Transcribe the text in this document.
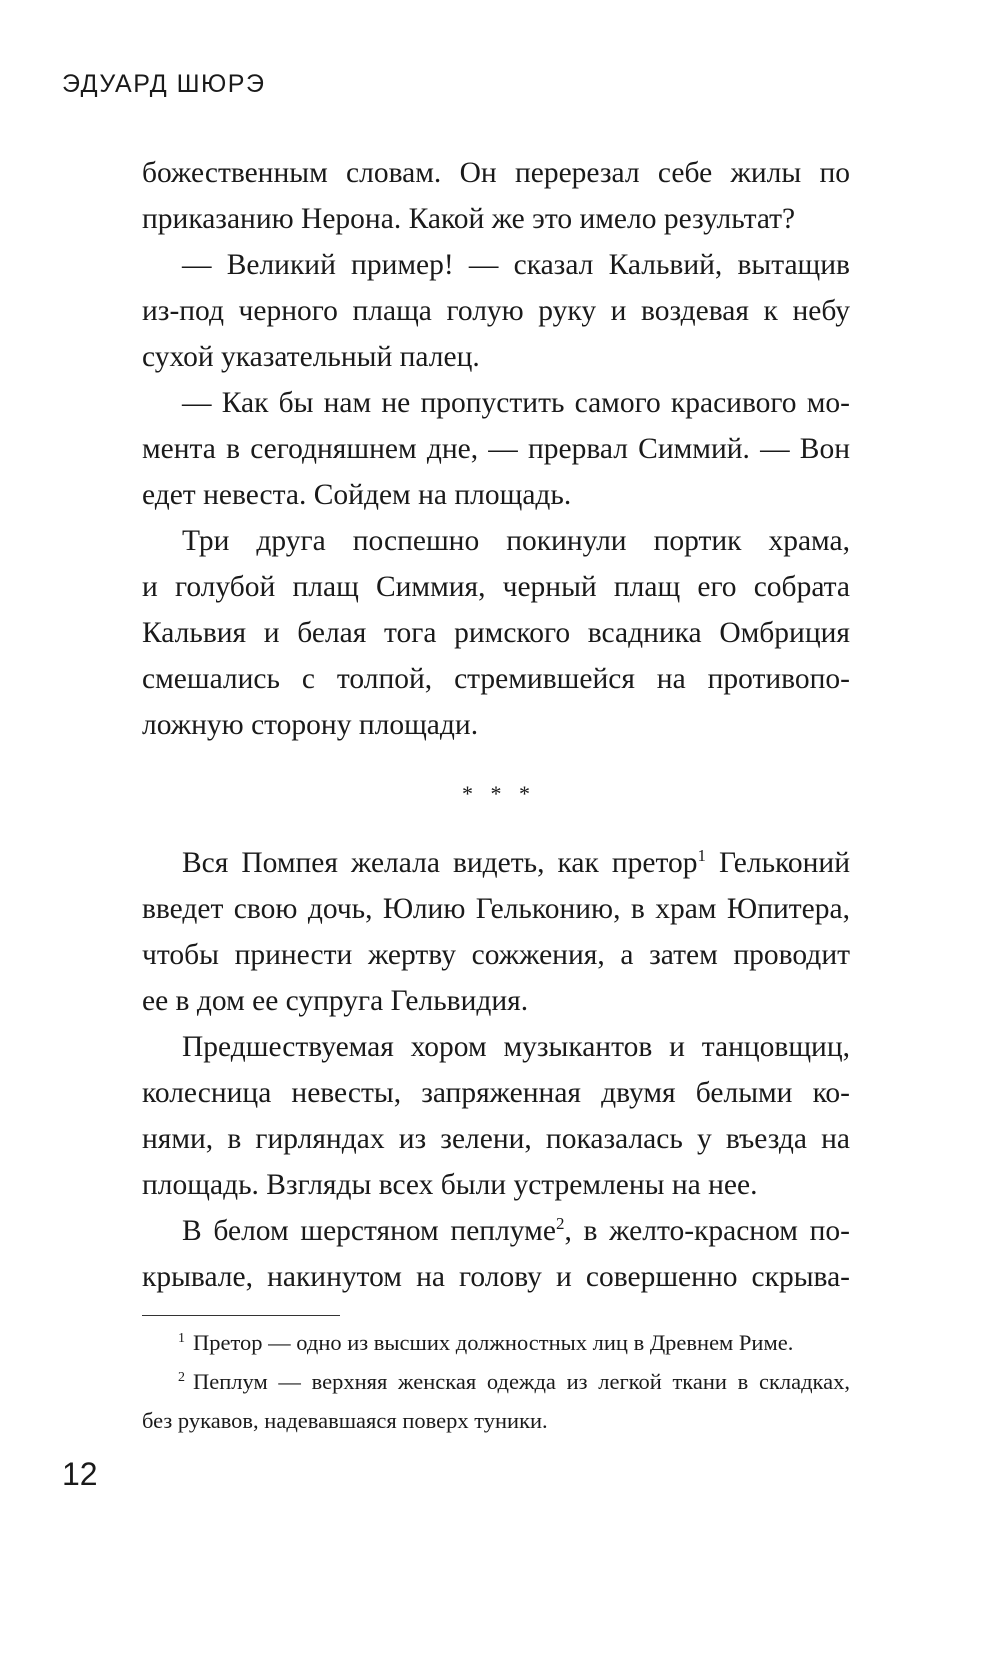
ЭДУАРД ШЮРЭ

божественным словам. Он перерезал себе жилы по
приказанию Нерона. Какой же это имело результат?

— Великий пример! — сказал Кальвий, вытащив
из-под черного плаща голую руку и воздевая к небу
сухой указательный палец.

— Как бы нам не пропустить самого красивого мо-
мента в сегодняшнем дне, — прервал Симмий. — Вон
едет невеста. Сойдем на площадь.

Три друга поспешно покинули портик храма,
и голубой плащ Симмия, черный плащ его собрата
Кальвия и белая тога римского всадника Омбриция
смешались с толпой, стремившейся на противопо-
ложную сторону площади.

* * *

Вся Помпея желала видеть, как претор$^1$ Гельконий
введет свою дочь, Юлию Гельконию, в храм Юпитера,
чтобы принести жертву сожжения, а затем проводит
ее в дом ее супруга Гельвидия.

Предшествуемая хором музыкантов и танцовщиц,
колесница невесты, запряженная двумя белыми ко-
нями, в гирляндах из зелени, показалась у въезда на
площадь. Взгляды всех были устремлены на нее.

В белом шерстяном пеплуме$^2$, в желто-красном по-
крывале, накинутом на голову и совершенно скрыва-

$^1$ Претор — одно из высших должностных лиц в Древнем Риме.
$^2$ Пеплум — верхняя женская одежда из легкой ткани в складках,
без рукавов, надевавшаяся поверх туники.
12
